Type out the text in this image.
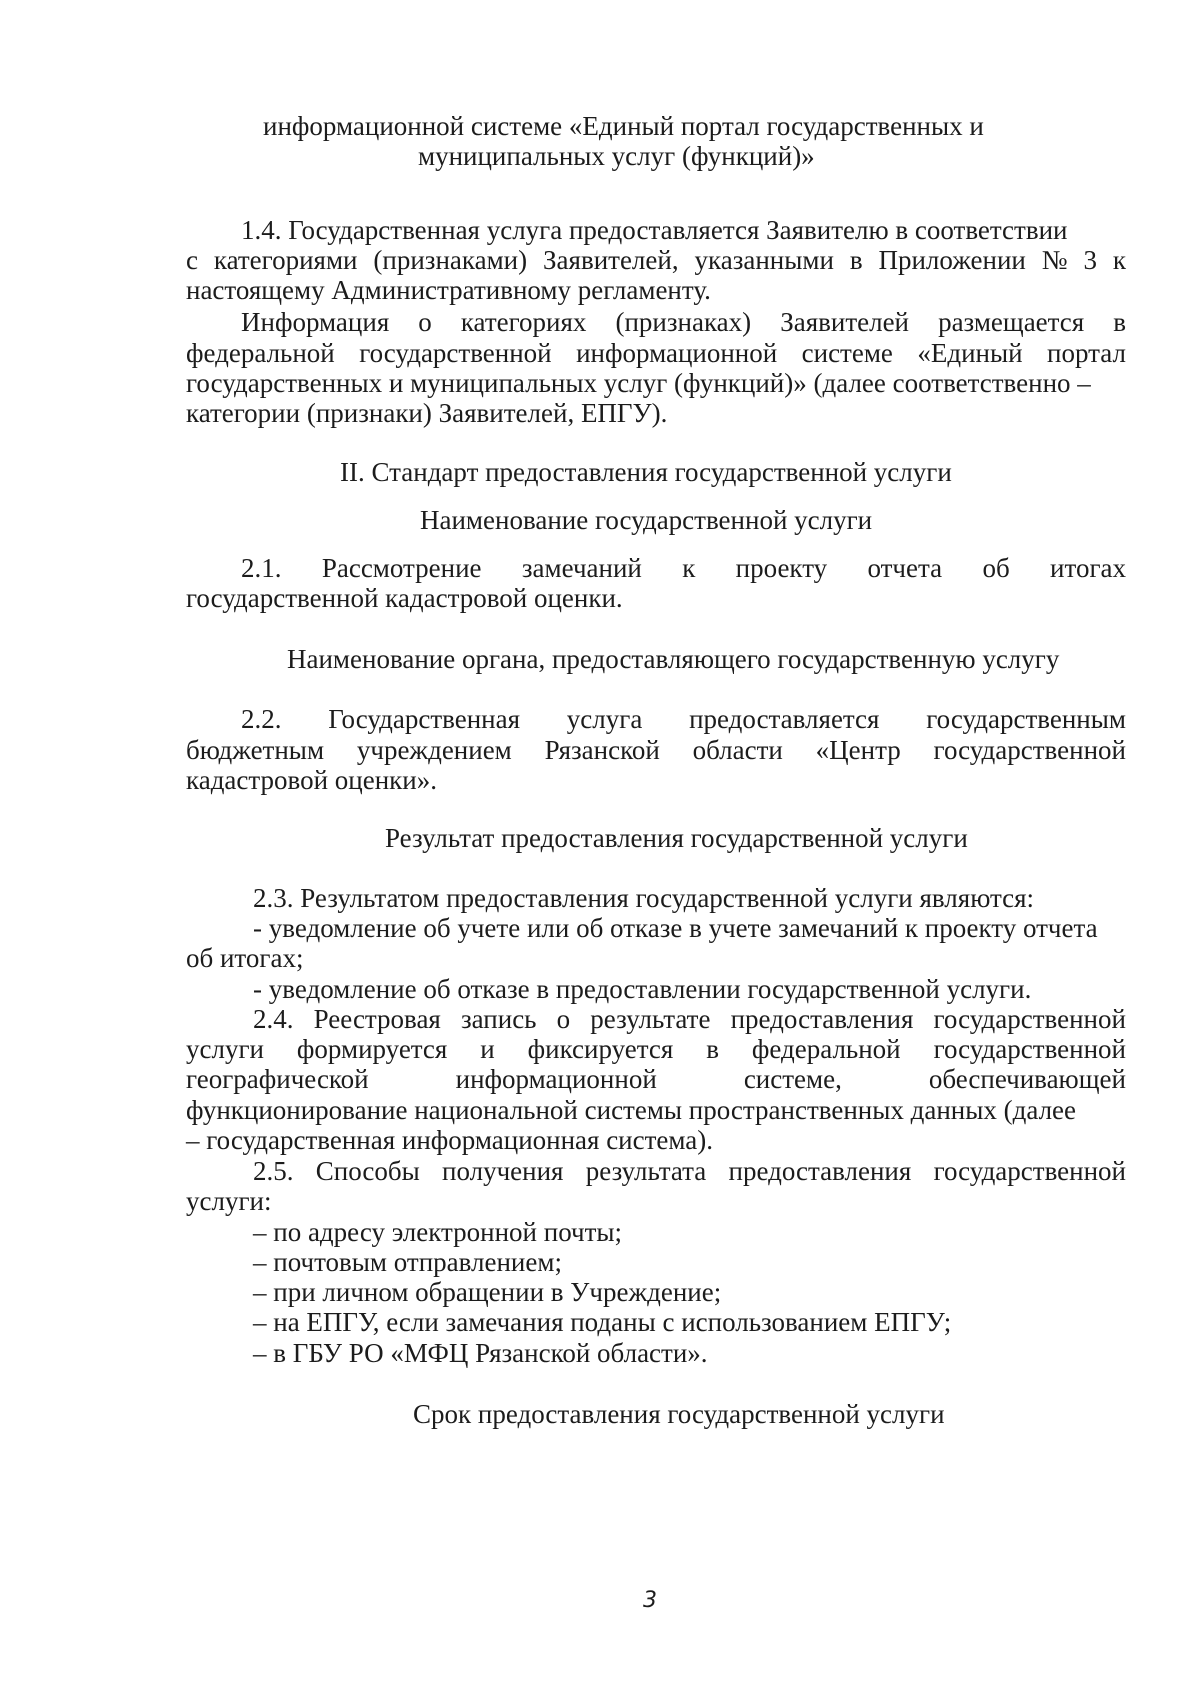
информационной системе «Единый портал государственных и
муниципальных услуг (функций)»
1.4. Государственная услуга предоставляется Заявителю в соответствии
с категориями (признаками) Заявителей, указанными в Приложении № 3 к
настоящему Административному регламенту.
Информация о категориях (признаках) Заявителей размещается в
федеральной государственной информационной системе «Единый портал
государственных и муниципальных услуг (функций)» (далее соответственно –
категории (признаки) Заявителей, ЕПГУ).
II. Стандарт предоставления государственной услуги
Наименование государственной услуги
2.1. Рассмотрение замечаний к проекту отчета об итогах
государственной кадастровой оценки.
Наименование органа, предоставляющего государственную услугу
2.2. Государственная услуга предоставляется государственным
бюджетным учреждением Рязанской области «Центр государственной
кадастровой оценки».
Результат предоставления государственной услуги
2.3. Результатом предоставления государственной услуги являются:
- уведомление об учете или об отказе в учете замечаний к проекту отчета
об итогах;
- уведомление об отказе в предоставлении государственной услуги.
2.4. Реестровая запись о результате предоставления государственной
услуги формируется и фиксируется в федеральной государственной
географической	информационной	системе,	обеспечивающей
функционирование национальной системы пространственных данных (далее
– государственная информационная система).
2.5. Способы получения результата предоставления государственной
услуги:
– по адресу электронной почты;
– почтовым отправлением;
– при личном обращении в Учреждение;
– на ЕПГУ, если замечания поданы с использованием ЕПГУ;
– в ГБУ РО «МФЦ Рязанской области».
Срок предоставления государственной услуги
3
